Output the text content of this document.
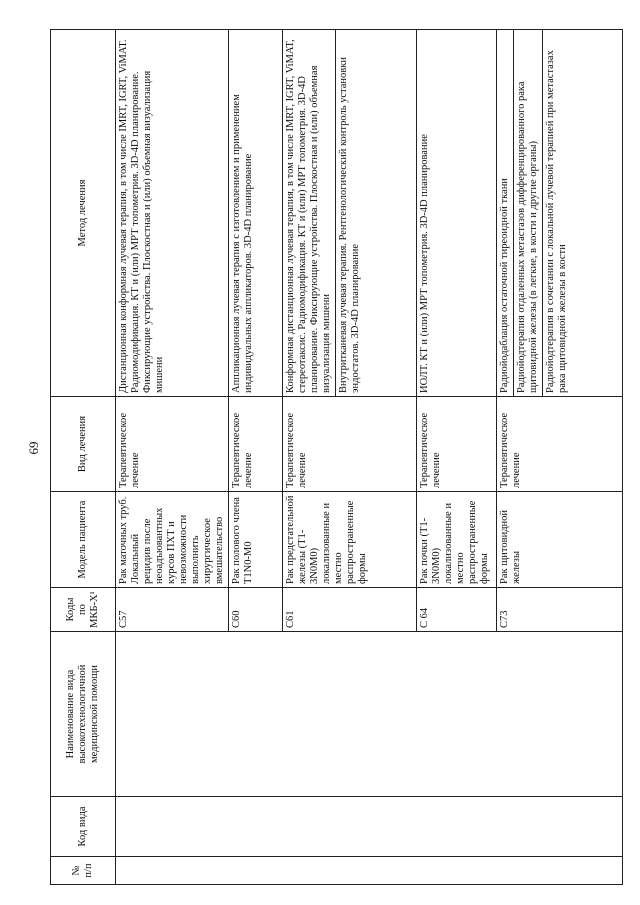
69
№ п/п	Код вида	Наименование вида высокотехнологичной медицинской помощи	Коды по МКБ-Х¹	Модель пациента	Вид лечения	Метод лечения
			C57	Рак маточных труб. Локальный рецидив после неоадъювантных курсов ПХТ и невозможности выполнить хирургическое вмешательство	Терапевтическое лечение	Дистанционная конформная лучевая терапия, в том числе IMRT, IGRT, ViMAT. Радиомодификация. КТ и (или) МРТ топометрия. 3D-4D планирование. Фиксирующие устройства. Плоскостная и (или) объемная визуализация мишени

			C60	Рак полового члена T1N0-M0	Терапевтическое лечение	Аппликационная лучевая терапия с изготовлением и применением индивидуальных аппликаторов. 3D-4D планирование

			C61	Рак предстательной железы (T1-3N0M0) локализованные и местно распространенные формы	Терапевтическое лечение	Конформная дистанционная лучевая терапия, в том числе IMRT, IGRT, ViMAT, стереотаксис. Радиомодификация. КТ и (или) МРТ топометрия. 3D-4D планирование. Фиксирующие устройства. Плоскостная и (или) объемная визуализация мишени Внутритканевая лучевая терапия. Рентгенологический контроль установки эндостатов. 3D-4D планирование

			С 64	Рак почки (T1-3N0M0) локализованные и местно распространенные формы	Терапевтическое лечение	ИОЛТ. КТ и (или) МРТ топометрия. 3D-4D планирование

			C73	Рак щитовидной железы	Терапевтическое лечение	Радиойодаблация остаточной тиреоидной ткани Радиойодтерапия отдаленных метастазов дифференцированного рака щитовидной железы (в легкие, в кости и другие органы) Радиойодтерапия в сочетании с локальной лучевой терапией при метастазах рака щитовидной железы в кости
